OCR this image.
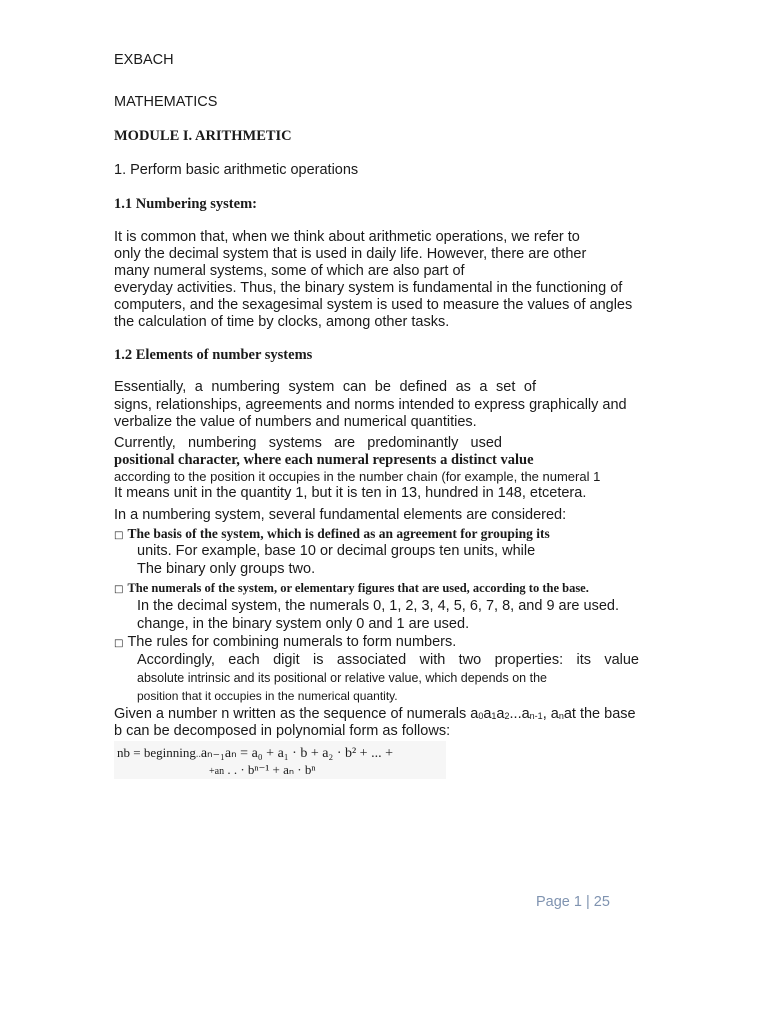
EXBACH
MATHEMATICS
MODULE I. ARITHMETIC
1. Perform basic arithmetic operations
1.1 Numbering system:
It is common that, when we think about arithmetic operations, we refer to
only the decimal system that is used in daily life. However, there are other
many numeral systems, some of which are also part of
everyday activities. Thus, the binary system is fundamental in the functioning of
computers, and the sexagesimal system is used to measure the values of angles
the calculation of time by clocks, among other tasks.
1.2 Elements of number systems
Essentially, a numbering system can be defined as a set of
signs, relationships, agreements and norms intended to express graphically and
verbalize the value of numbers and numerical quantities.
Currently, numbering systems are predominantly used
positional character, where each numeral represents a distinct value
according to the position it occupies in the number chain (for example, the numeral 1
It means unit in the quantity 1, but it is ten in 13, hundred in 148, etcetera.
In a numbering system, several fundamental elements are considered:
□ The basis of the system, which is defined as an agreement for grouping its
units. For example, base 10 or decimal groups ten units, while
The binary only groups two.
□ The numerals of the system, or elementary figures that are used, according to the base.
In the decimal system, the numerals 0, 1, 2, 3, 4, 5, 6, 7, 8, and 9 are used.
change, in the binary system only 0 and 1 are used.
□ The rules for combining numerals to form numbers.
Accordingly, each digit is associated with two properties: its value
absolute intrinsic and its positional or relative value, which depends on the
position that it occupies in the numerical quantity.
Given a number n written as the sequence of numerals $a_0a_1a_2...a_{n-1}$, $a_nat$ the base
b can be decomposed in polynomial form as follows:
nb = beginning..aₙ₋₁aₙ = a₀ + a₁ · b + a₂ · b² + ... +
+an . . · bⁿ⁻¹ + aₙ · bⁿ
Page 1 | 25
